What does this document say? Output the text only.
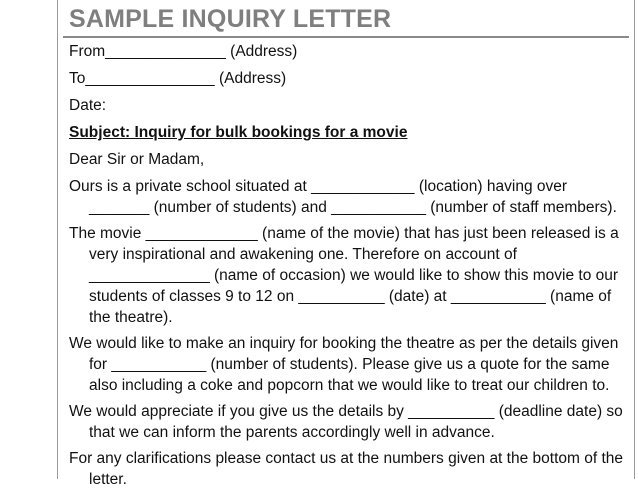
SAMPLE INQUIRY LETTER

From______________ (Address)

To_______________ (Address)

Date:

Subject: Inquiry for bulk bookings for a movie

Dear Sir or Madam,

Ours is a private school situated at ____________ (location) having over _______ (number of students) and ___________ (number of staff members).

The movie _____________ (name of the movie) that has just been released is a very inspirational and awakening one. Therefore on account of ______________ (name of occasion) we would like to show this movie to our students of classes 9 to 12 on __________ (date) at ___________ (name of the theatre).

We would like to make an inquiry for booking the theatre as per the details given for ___________ (number of students). Please give us a quote for the same also including a coke and popcorn that we would like to treat our children to.

We would appreciate if you give us the details by __________ (deadline date) so that we can inform the parents accordingly well in advance.

For any clarifications please contact us at the numbers given at the bottom of the letter.
